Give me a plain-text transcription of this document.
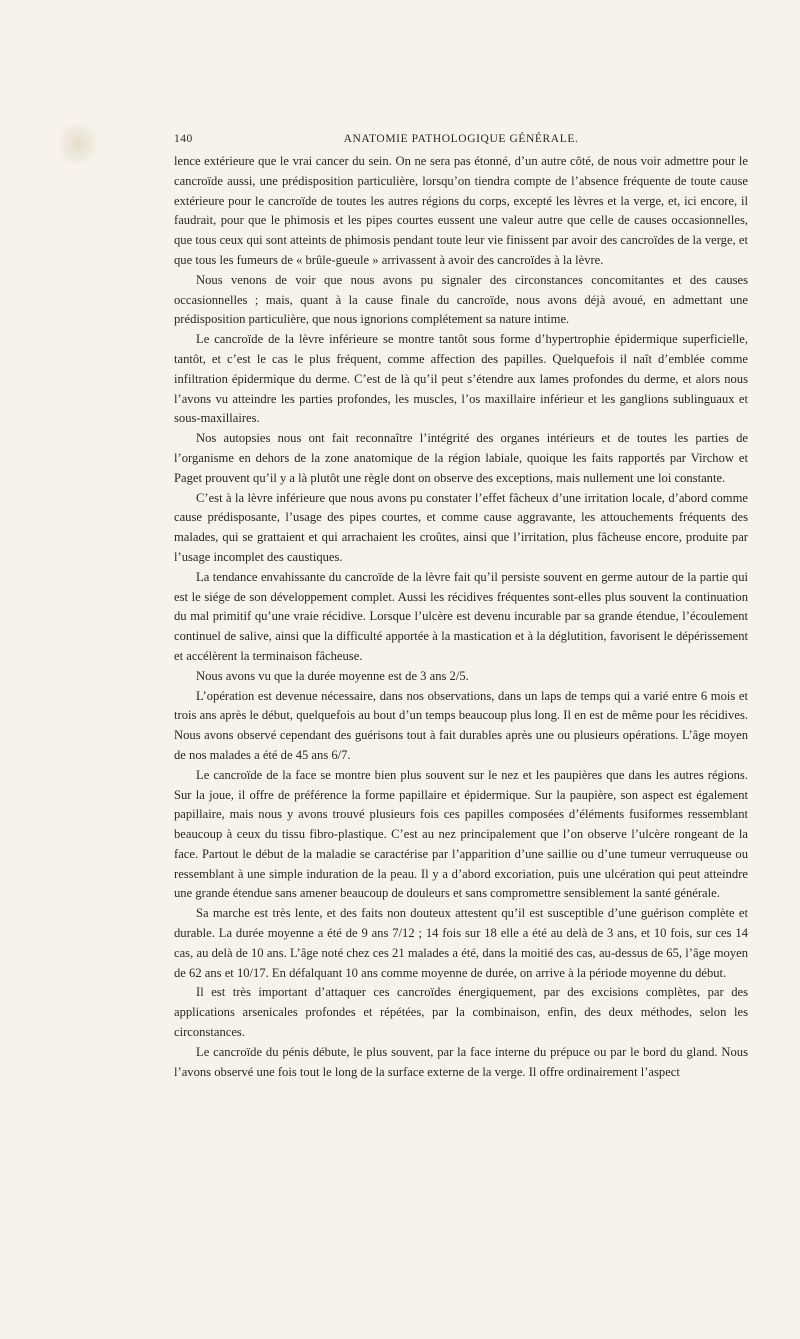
140	ANATOMIE PATHOLOGIQUE GÉNÉRALE.

lence extérieure que le vrai cancer du sein. On ne sera pas étonné, d’un autre côté, de nous voir admettre pour le cancroïde aussi, une prédisposition particulière, lorsqu’on tiendra compte de l’absence fréquente de toute cause extérieure pour le cancroïde de toutes les autres régions du corps, excepté les lèvres et la verge, et, ici encore, il faudrait, pour que le phimosis et les pipes courtes eussent une valeur autre que celle de causes occasionnelles, que tous ceux qui sont atteints de phimosis pendant toute leur vie finissent par avoir des cancroïdes de la verge, et que tous les fumeurs de « brûle-gueule » arrivassent à avoir des cancroïdes à la lèvre.

Nous venons de voir que nous avons pu signaler des circonstances concomitantes et des causes occasionnelles ; mais, quant à la cause finale du cancroïde, nous avons déjà avoué, en admettant une prédisposition particulière, que nous ignorions complétement sa nature intime.

Le cancroïde de la lèvre inférieure se montre tantôt sous forme d’hypertrophie épidermique superficielle, tantôt, et c’est le cas le plus fréquent, comme affection des papilles. Quelquefois il naît d’emblée comme infiltration épidermique du derme. C’est de là qu’il peut s’étendre aux lames profondes du derme, et alors nous l’avons vu atteindre les parties profondes, les muscles, l’os maxillaire inférieur et les ganglions sublinguaux et sous-maxillaires.

Nos autopsies nous ont fait reconnaître l’intégrité des organes intérieurs et de toutes les parties de l’organisme en dehors de la zone anatomique de la région labiale, quoique les faits rapportés par Virchow et Paget prouvent qu’il y a là plutôt une règle dont on observe des exceptions, mais nullement une loi constante.

C’est à la lèvre inférieure que nous avons pu constater l’effet fâcheux d’une irritation locale, d’abord comme cause prédisposante, l’usage des pipes courtes, et comme cause aggravante, les attouchements fréquents des malades, qui se grattaient et qui arrachaient les croûtes, ainsi que l’irritation, plus fâcheuse encore, produite par l’usage incomplet des caustiques.

La tendance envahissante du cancroïde de la lèvre fait qu’il persiste souvent en germe autour de la partie qui est le siége de son développement complet. Aussi les récidives fréquentes sont-elles plus souvent la continuation du mal primitif qu’une vraie récidive. Lorsque l’ulcère est devenu incurable par sa grande étendue, l’écoulement continuel de salive, ainsi que la difficulté apportée à la mastication et à la déglutition, favorisent le dépérissement et accélèrent la terminaison fâcheuse.

Nous avons vu que la durée moyenne est de 3 ans 2/5.

L’opération est devenue nécessaire, dans nos observations, dans un laps de temps qui a varié entre 6 mois et trois ans après le début, quelquefois au bout d’un temps beaucoup plus long. Il en est de même pour les récidives. Nous avons observé cependant des guérisons tout à fait durables après une ou plusieurs opérations. L’âge moyen de nos malades a été de 45 ans 6/7.

Le cancroïde de la face se montre bien plus souvent sur le nez et les paupières que dans les autres régions. Sur la joue, il offre de préférence la forme papillaire et épidermique. Sur la paupière, son aspect est également papillaire, mais nous y avons trouvé plusieurs fois ces papilles composées d’éléments fusiformes ressemblant beaucoup à ceux du tissu fibro-plastique. C’est au nez principalement que l’on observe l’ulcère rongeant de la face. Partout le début de la maladie se caractérise par l’apparition d’une saillie ou d’une tumeur verruqueuse ou ressemblant à une simple induration de la peau. Il y a d’abord excoriation, puis une ulcération qui peut atteindre une grande étendue sans amener beaucoup de douleurs et sans compromettre sensiblement la santé générale.

Sa marche est très lente, et des faits non douteux attestent qu’il est susceptible d’une guérison complète et durable. La durée moyenne a été de 9 ans 7/12 ; 14 fois sur 18 elle a été au delà de 3 ans, et 10 fois, sur ces 14 cas, au delà de 10 ans. L’âge noté chez ces 21 malades a été, dans la moitié des cas, au-dessus de 65, l’âge moyen de 62 ans et 10/17. En défalquant 10 ans comme moyenne de durée, on arrive à la période moyenne du début.

Il est très important d’attaquer ces cancroïdes énergiquement, par des excisions complètes, par des applications arsenicales profondes et répétées, par la combinaison, enfin, des deux méthodes, selon les circonstances.

Le cancroïde du pénis débute, le plus souvent, par la face interne du prépuce ou par le bord du gland. Nous l’avons observé une fois tout le long de la surface externe de la verge. Il offre ordinairement l’aspect
